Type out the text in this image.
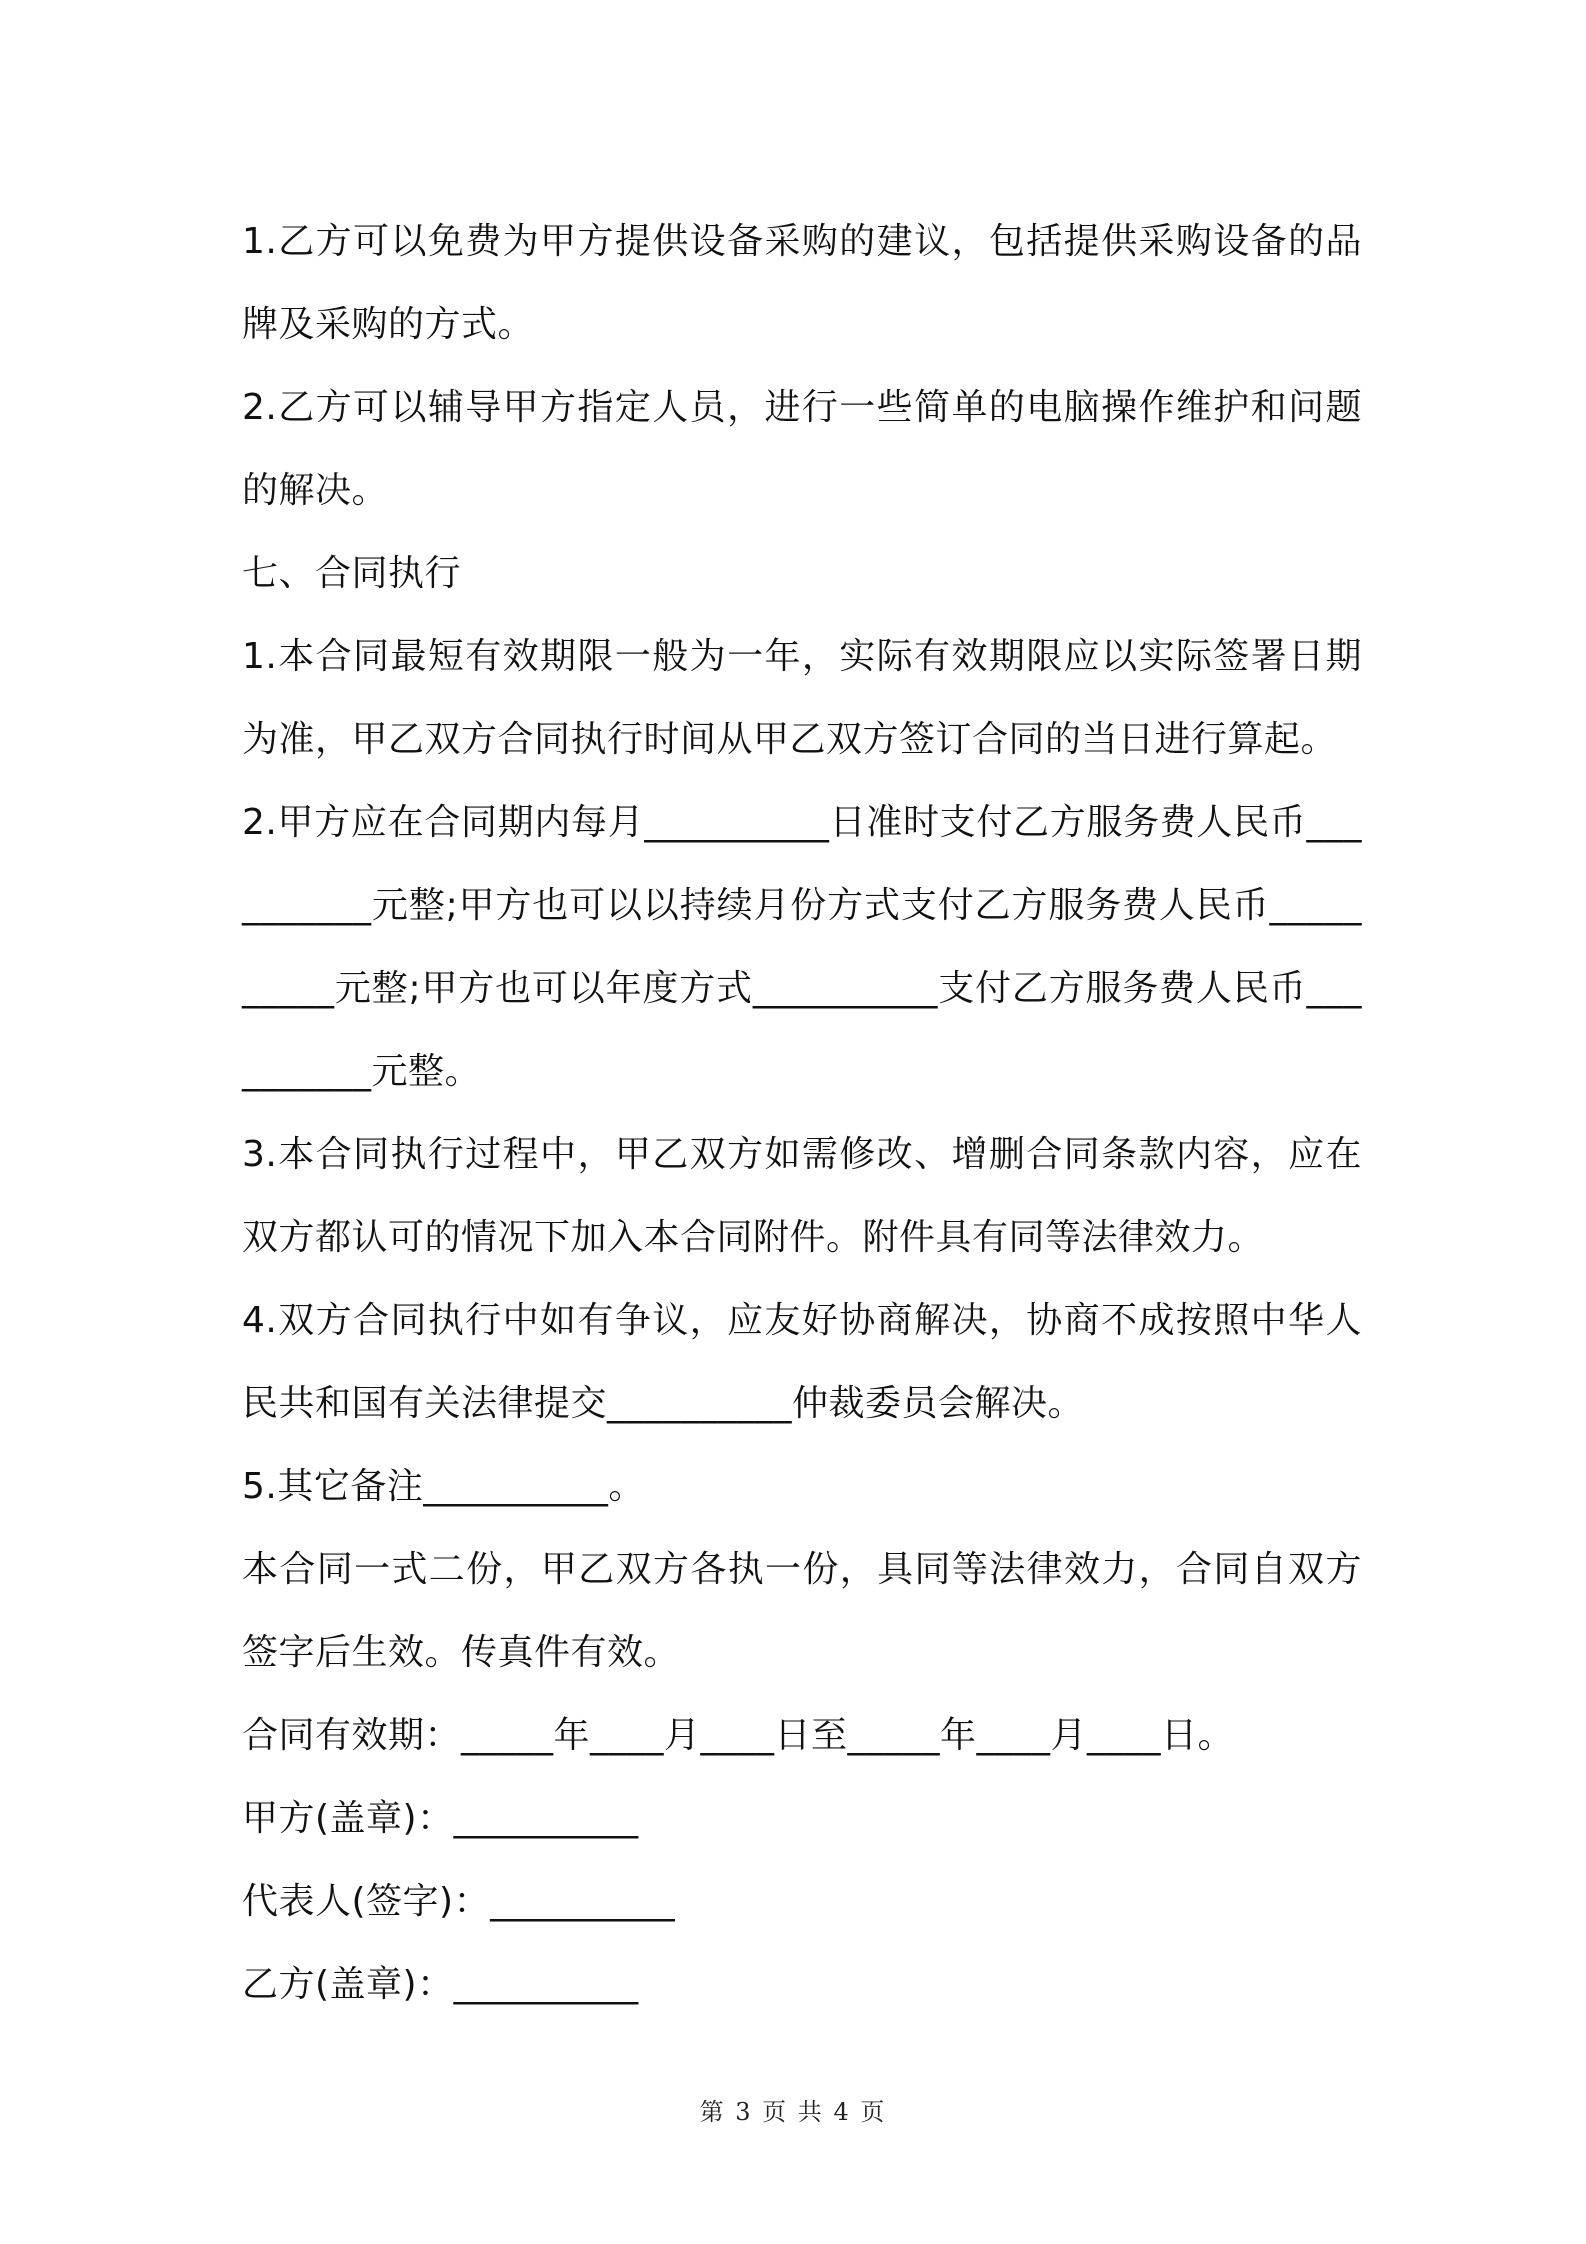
1.乙方可以免费为甲方提供设备采购的建议，包括提供采购设备的品牌及采购的方式。

2.乙方可以辅导甲方指定人员，进行一些简单的电脑操作维护和问题的解决。

七、合同执行

1.本合同最短有效期限一般为一年，实际有效期限应以实际签署日期为准，甲乙双方合同执行时间从甲乙双方签订合同的当日进行算起。

2.甲方应在合同期内每月__________日准时支付乙方服务费人民币__________元整;甲方也可以以持续月份方式支付乙方服务费人民币__________元整;甲方也可以年度方式__________支付乙方服务费人民币__________元整。

3.本合同执行过程中，甲乙双方如需修改、增删合同条款内容，应在双方都认可的情况下加入本合同附件。附件具有同等法律效力。

4.双方合同执行中如有争议，应友好协商解决，协商不成按照中华人民共和国有关法律提交__________仲裁委员会解决。

5.其它备注__________。

本合同一式二份，甲乙双方各执一份，具同等法律效力，合同自双方签字后生效。传真件有效。

合同有效期：_____年____月____日至_____年____月____日。

甲方(盖章)：__________

代表人(签字)：__________

乙方(盖章)：__________

第 3 页 共 4 页
